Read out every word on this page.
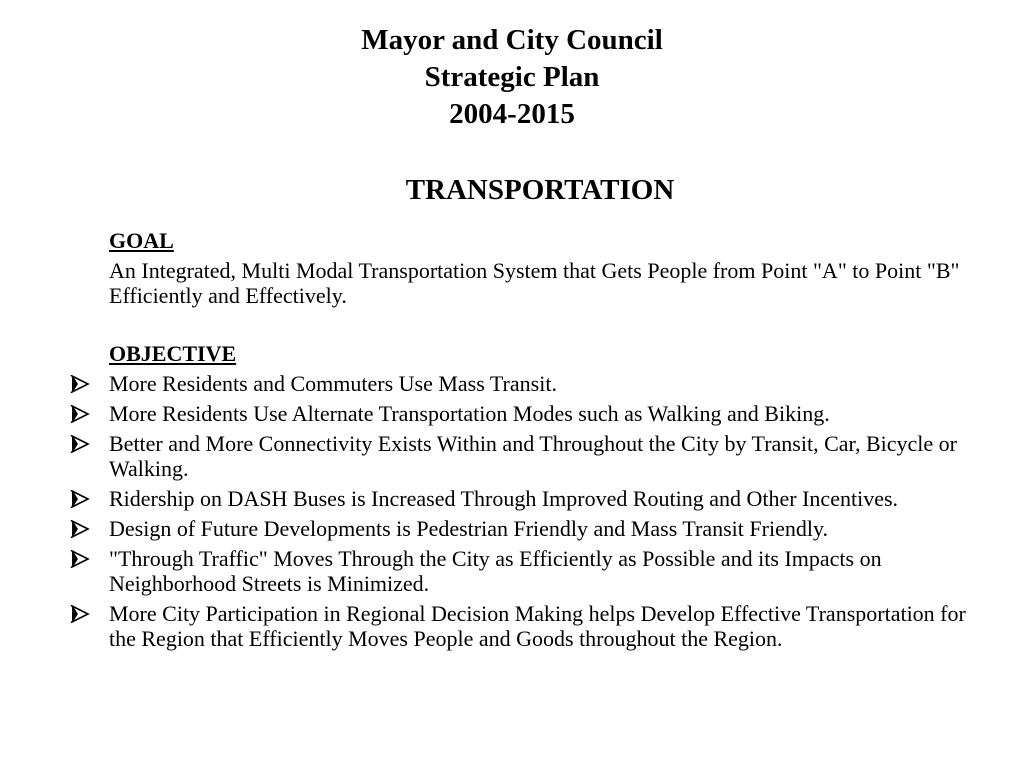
Mayor and City Council
Strategic Plan
2004-2015
TRANSPORTATION
GOAL
An Integrated, Multi Modal Transportation System that Gets People from Point "A" to Point "B" Efficiently and Effectively.
OBJECTIVE
More Residents and Commuters Use Mass Transit.
More Residents Use Alternate Transportation Modes such as Walking and Biking.
Better and More Connectivity Exists Within and Throughout the City by Transit, Car, Bicycle or Walking.
Ridership on DASH Buses is Increased Through Improved Routing and Other Incentives.
Design of Future Developments is Pedestrian Friendly and Mass Transit Friendly.
"Through Traffic" Moves Through the City as Efficiently as Possible and its Impacts on Neighborhood Streets is Minimized.
More City Participation in Regional Decision Making helps Develop Effective Transportation for the Region that Efficiently Moves People and Goods throughout the Region.
